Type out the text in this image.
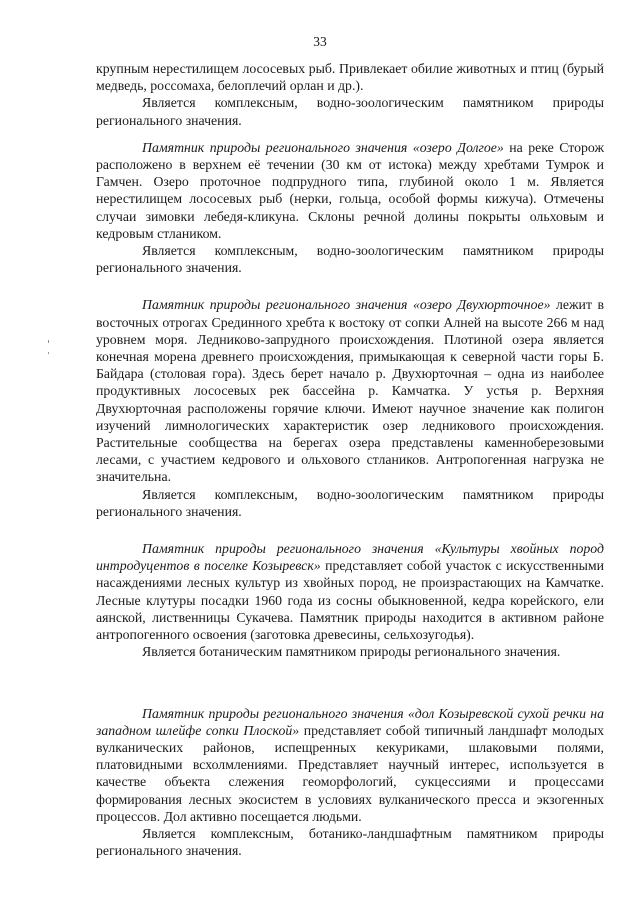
33

крупным нерестилищем лососевых рыб. Привлекает обилие животных и птиц (бурый медведь, россомаха, белоплечий орлан и др.).

Является комплексным, водно-зоологическим памятником природы регионального значения.

Памятник природы регионального значения «озеро Долгое» на реке Сторож расположено в верхнем её течении (30 км от истока) между хребтами Тумрок и Гамчен. Озеро проточное подпрудного типа, глубиной около 1 м. Является нерестилищем лососевых рыб (нерки, гольца, особой формы кижуча). Отмечены случаи зимовки лебедя-кликуна. Склоны речной долины покрыты ольховым и кедровым стлаником.

Является комплексным, водно-зоологическим памятником природы регионального значения.

Памятник природы регионального значения «озеро Двухюрточное» лежит в восточных отрогах Срединного хребта к востоку от сопки Алней на высоте 266 м над уровнем моря. Ледниково-запрудного происхождения. Плотиной озера является конечная морена древнего происхождения, примыкающая к северной части горы Б. Байдара (столовая гора). Здесь берет начало р. Двухюрточная – одна из наиболее продуктивных лососевых рек бассейна р. Камчатка. У устья р. Верхняя Двухюрточная расположены горячие ключи. Имеют научное значение как полигон изучений лимнологических характеристик озер ледникового происхождения. Растительные сообщества на берегах озера представлены каменноберезовыми лесами, с участием кедрового и ольхового стлаников. Антропогенная нагрузка не значительна.

Является комплексным, водно-зоологическим памятником природы регионального значения.

Памятник природы регионального значения «Культуры хвойных пород интродуцентов в поселке Козыревск» представляет собой участок с искусственными насаждениями лесных культур из хвойных пород, не произрастающих на Камчатке. Лесные клутуры посадки 1960 года из сосны обыкновенной, кедра корейского, ели аянской, лиственницы Сукачева. Памятник природы находится в активном районе антропогенного освоения (заготовка древесины, сельхозугодья).

Является ботаническим памятником природы регионального значения.

Памятник природы регионального значения «дол Козыревской сухой речки на западном шлейфе сопки Плоской» представляет собой типичный ландшафт молодых вулканических районов, испещренных кекуриками, шлаковыми полями, платовидными всхолмлениями. Представляет научный интерес, используется в качестве объекта слежения геоморфологий, сукцессиями и процессами формирования лесных экосистем в условиях вулканического пресса и экзогенных процессов. Дол активно посещается людьми.

Является комплексным, ботанико-ландшафтным памятником природы регионального значения.
